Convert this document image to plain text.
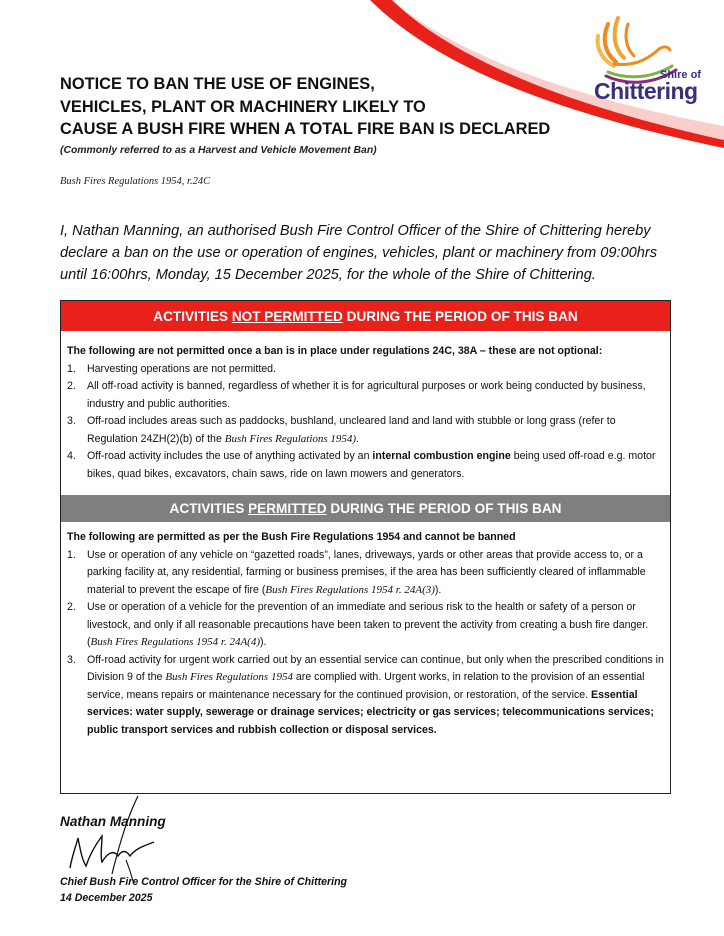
Shire of
Chittering
NOTICE TO BAN THE USE OF ENGINES,
VEHICLES, PLANT OR MACHINERY LIKELY TO
CAUSE A BUSH FIRE WHEN A TOTAL FIRE BAN IS DECLARED
(Commonly referred to as a Harvest and Vehicle Movement Ban)
Bush Fires Regulations 1954, r.24C
I, Nathan Manning, an authorised Bush Fire Control Officer of the Shire of Chittering hereby declare a ban on the use or operation of engines, vehicles, plant or machinery from 09:00hrs until 16:00hrs, Monday, 15 December 2025, for the whole of the Shire of Chittering.
ACTIVITIES NOT PERMITTED DURING THE PERIOD OF THIS BAN
The following are not permitted once a ban is in place under regulations 24C, 38A – these are not optional:
1. Harvesting operations are not permitted.
2. All off-road activity is banned, regardless of whether it is for agricultural purposes or work being conducted by business, industry and public authorities.
3. Off-road includes areas such as paddocks, bushland, uncleared land and land with stubble or long grass (refer to Regulation 24ZH(2)(b) of the Bush Fires Regulations 1954).
4. Off-road activity includes the use of anything activated by an internal combustion engine being used off-road e.g. motor bikes, quad bikes, excavators, chain saws, ride on lawn mowers and generators.
ACTIVITIES PERMITTED DURING THE PERIOD OF THIS BAN
The following are permitted as per the Bush Fire Regulations 1954 and cannot be banned
1. Use or operation of any vehicle on “gazetted roads”, lanes, driveways, yards or other areas that provide access to, or a parking facility at, any residential, farming or business premises, if the area has been sufficiently cleared of inflammable material to prevent the escape of fire (Bush Fires Regulations 1954 r. 24A(3)).
2. Use or operation of a vehicle for the prevention of an immediate and serious risk to the health or safety of a person or livestock, and only if all reasonable precautions have been taken to prevent the activity from creating a bush fire danger. (Bush Fires Regulations 1954 r. 24A(4)).
3. Off-road activity for urgent work carried out by an essential service can continue, but only when the prescribed conditions in Division 9 of the Bush Fires Regulations 1954 are complied with. Urgent works, in relation to the provision of an essential service, means repairs or maintenance necessary for the continued provision, or restoration, of the service. Essential services: water supply, sewerage or drainage services; electricity or gas services; telecommunications services; public transport services and rubbish collection or disposal services.
Nathan Manning
Chief Bush Fire Control Officer for the Shire of Chittering
14 December 2025
